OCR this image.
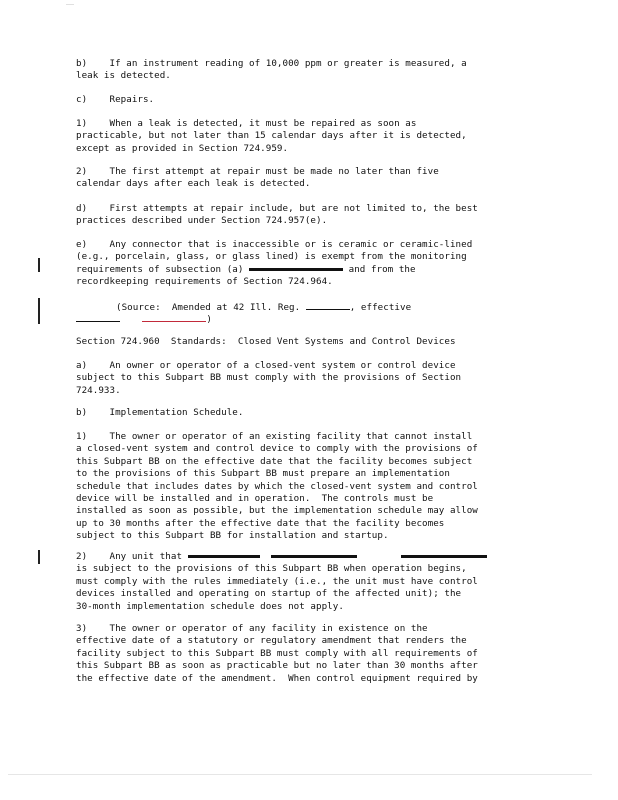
b)    If an instrument reading of 10,000 ppm or greater is measured, a
leak is detected.
c)    Repairs.
1)    When a leak is detected, it must be repaired as soon as
practicable, but not later than 15 calendar days after it is detected,
except as provided in Section 724.959.
2)    The first attempt at repair must be made no later than five
calendar days after each leak is detected.
d)    First attempts at repair include, but are not limited to, the best
practices described under Section 724.957(e).
e)    Any connector that is inaccessible or is ceramic or ceramic-lined
(e.g., porcelain, glass, or glass lined) is exempt from the monitoring
requirements of subsection (a)	and from the
recordkeeping requirements of Section 724.964.
(Source:  Amended at 42 Ill. Reg.	, effective
)
Section 724.960  Standards:  Closed Vent Systems and Control Devices
a)    An owner or operator of a closed-vent system or control device
subject to this Subpart BB must comply with the provisions of Section
724.933.
b)    Implementation Schedule.
1)    The owner or operator of an existing facility that cannot install
a closed-vent system and control device to comply with the provisions of
this Subpart BB on the effective date that the facility becomes subject
to the provisions of this Subpart BB must prepare an implementation
schedule that includes dates by which the closed-vent system and control
device will be installed and in operation.  The controls must be
installed as soon as possible, but the implementation schedule may allow
up to 30 months after the effective date that the facility becomes
subject to this Subpart BB for installation and startup.
2)    Any unit that
is subject to the provisions of this Subpart BB when operation begins,
must comply with the rules immediately (i.e., the unit must have control
devices installed and operating on startup of the affected unit); the
30-month implementation schedule does not apply.
3)    The owner or operator of any facility in existence on the
effective date of a statutory or regulatory amendment that renders the
facility subject to this Subpart BB must comply with all requirements of
this Subpart BB as soon as practicable but no later than 30 months after
the effective date of the amendment.  When control equipment required by
